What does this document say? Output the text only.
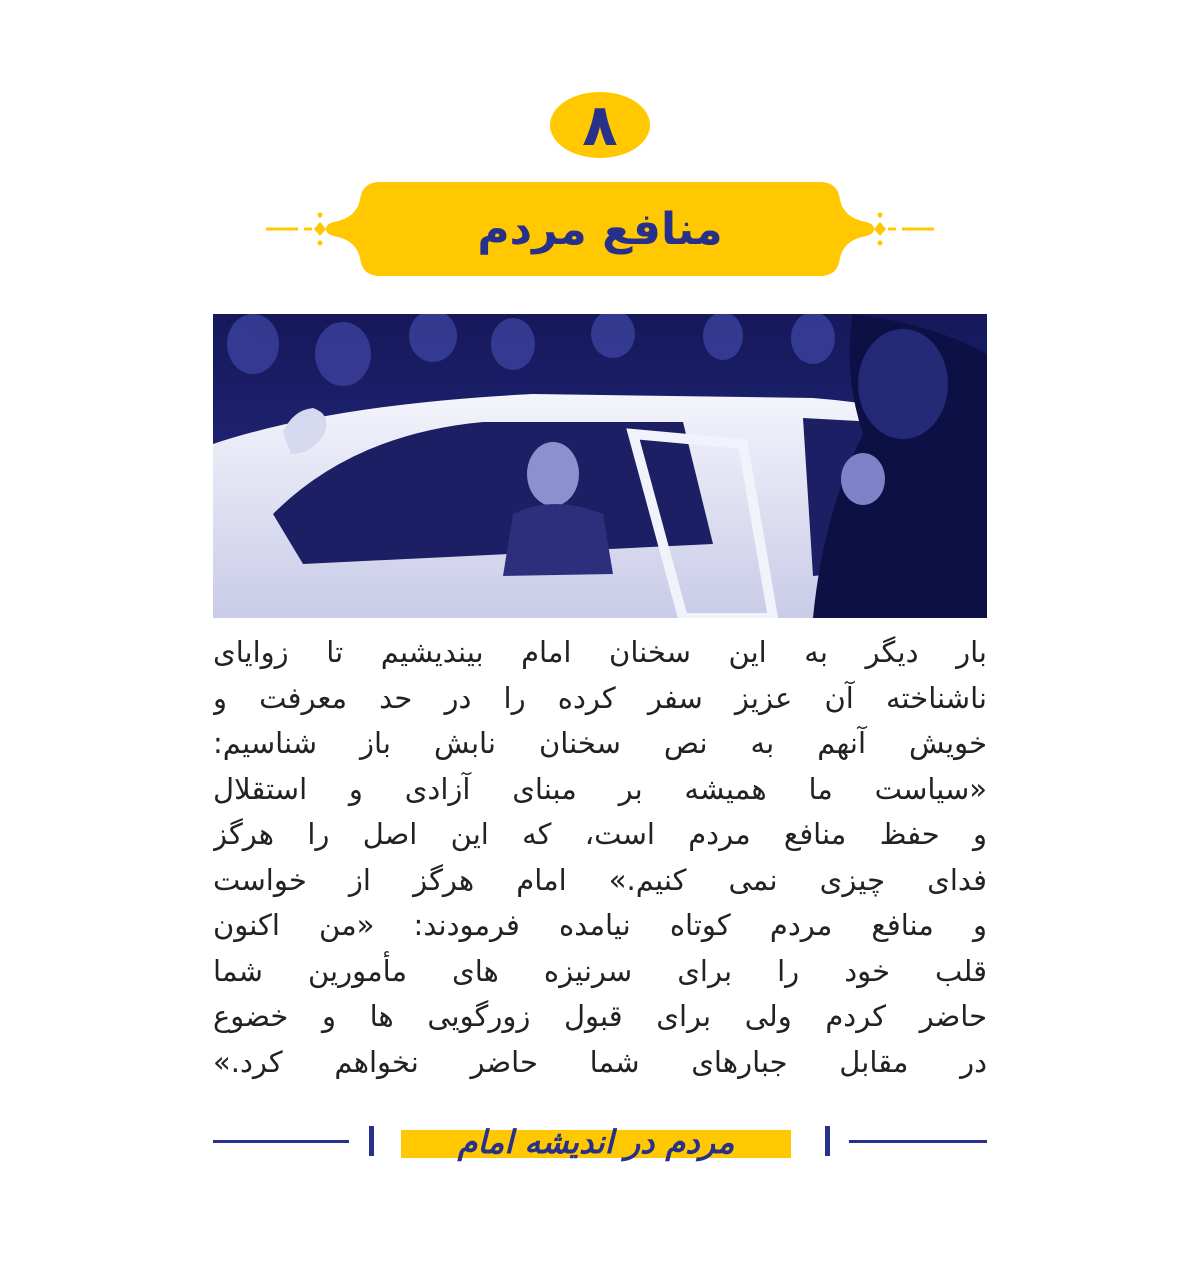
۸
منافع مردم
بار دیگر به این سخنان امام بیندیشیم تا زوایای
ناشناخته آن عزیز سفر کرده را در حد معرفت و
خویش آنهم به نص سخنان نابش باز شناسیم:
«سیاست ما همیشه بر مبنای آزادی و استقلال
و حفظ منافع مردم است، که این اصل را هرگز
فدای چیزی نمی کنیم.» امام هرگز از خواست
و منافع مردم کوتاه نیامده فرمودند: «من اکنون
قلب خود را برای سرنیزه های مأمورین شما
حاضر کردم ولی برای قبول زورگویی ها و خضوع
در مقابل جبارهای شما حاضر نخواهم کرد.»
مردم در اندیشه امام
